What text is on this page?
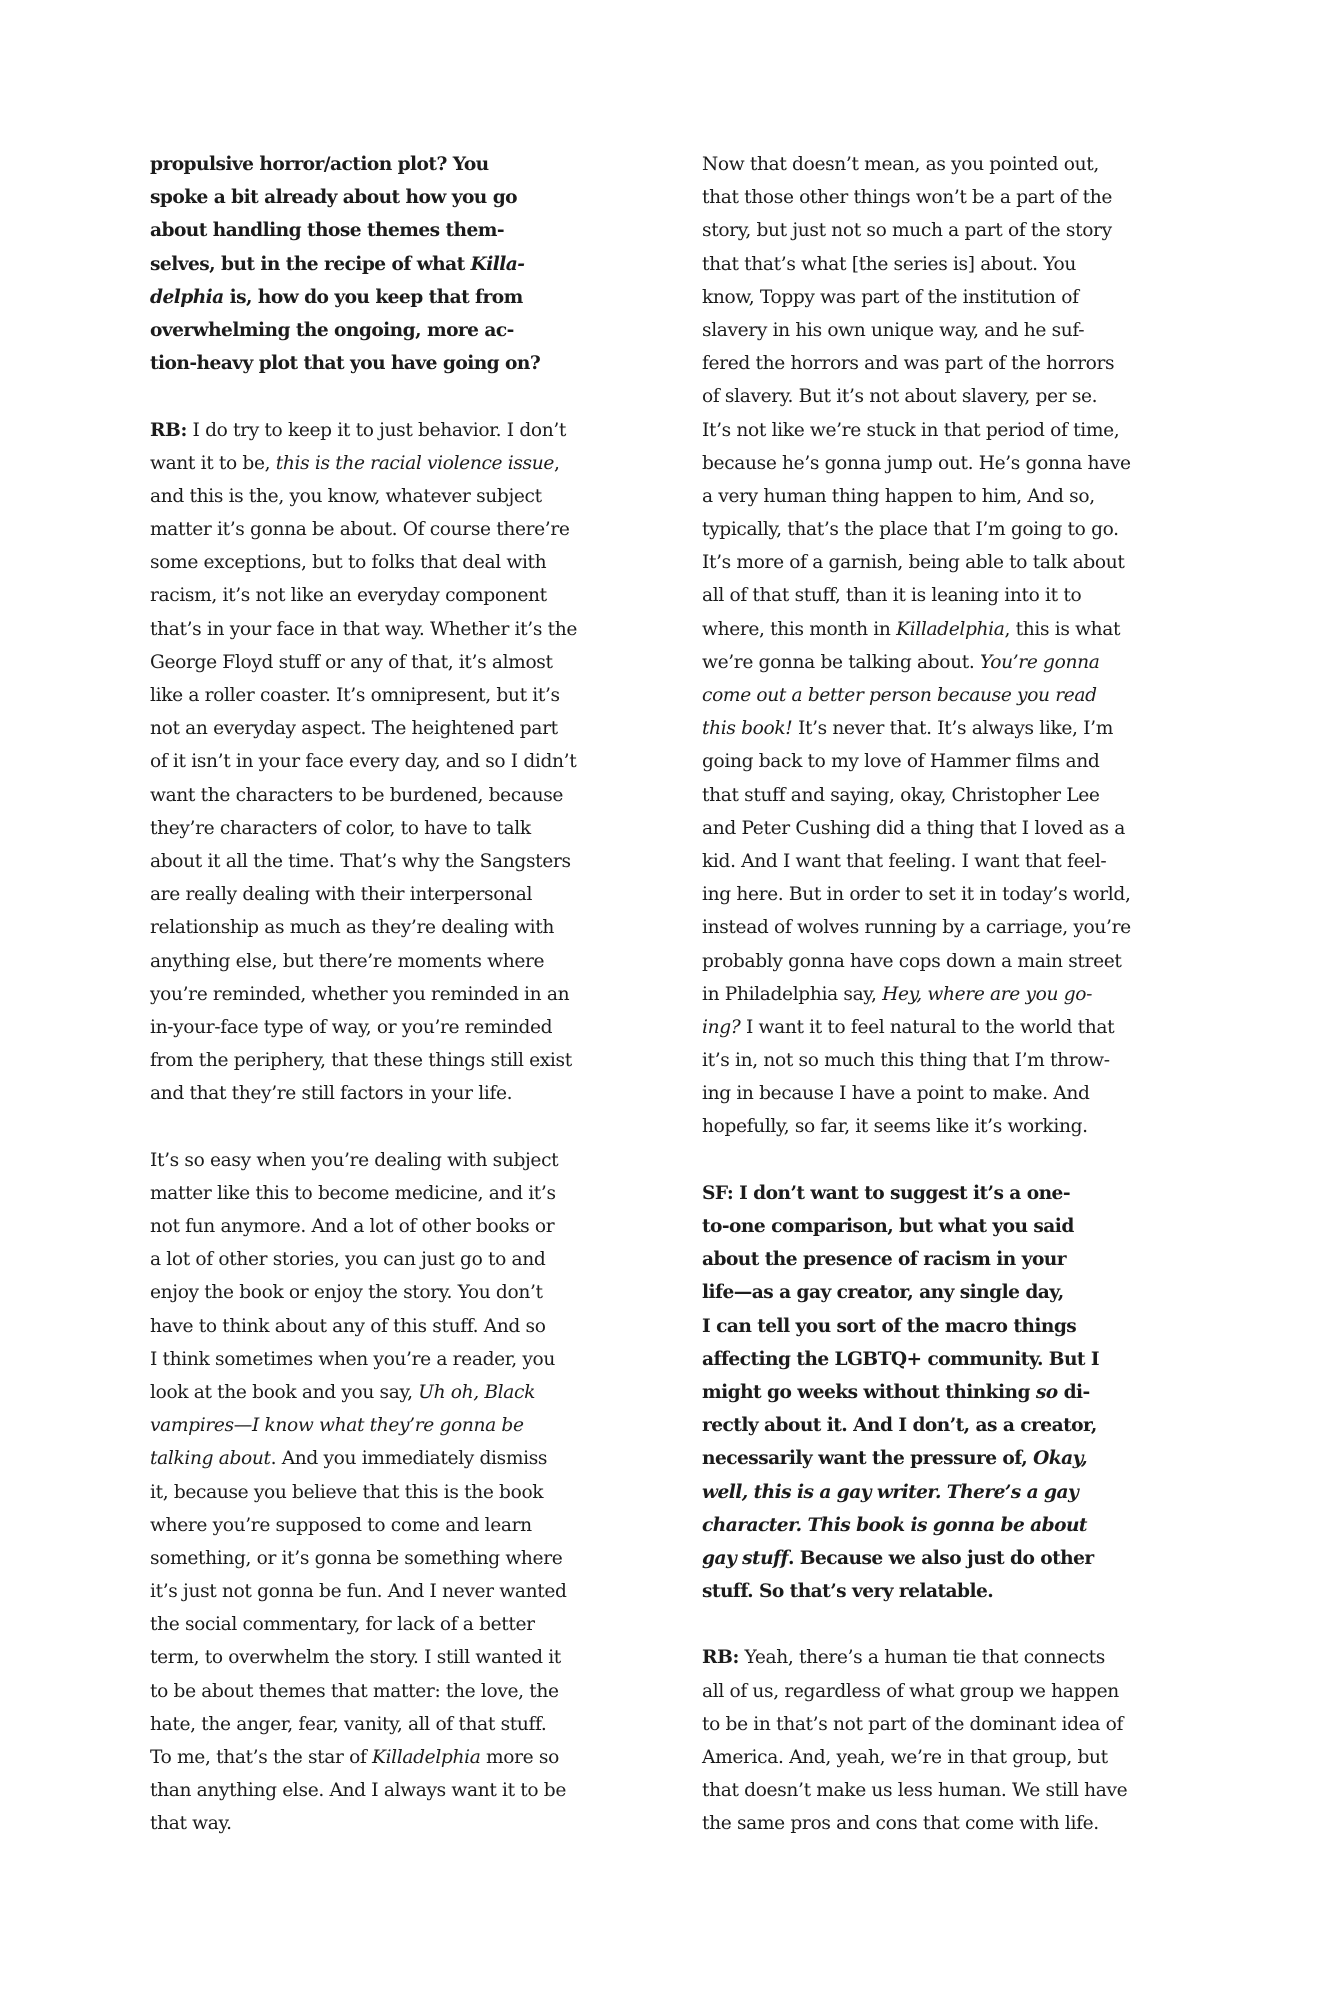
propulsive horror/action plot? You
spoke a bit already about how you go
about handling those themes them-
selves, but in the recipe of what Killa-
delphia is, how do you keep that from
overwhelming the ongoing, more ac-
tion-heavy plot that you have going on?
RB: I do try to keep it to just behavior. I don’t
want it to be, this is the racial violence issue,
and this is the, you know, whatever subject
matter it’s gonna be about. Of course there’re
some exceptions, but to folks that deal with
racism, it’s not like an everyday component
that’s in your face in that way. Whether it’s the
George Floyd stuff or any of that, it’s almost
like a roller coaster. It’s omnipresent, but it’s
not an everyday aspect. The heightened part
of it isn’t in your face every day, and so I didn’t
want the characters to be burdened, because
they’re characters of color, to have to talk
about it all the time. That’s why the Sangsters
are really dealing with their interpersonal
relationship as much as they’re dealing with
anything else, but there’re moments where
you’re reminded, whether you reminded in an
in-your-face type of way, or you’re reminded
from the periphery, that these things still exist
and that they’re still factors in your life.
It’s so easy when you’re dealing with subject
matter like this to become medicine, and it’s
not fun anymore. And a lot of other books or
a lot of other stories, you can just go to and
enjoy the book or enjoy the story. You don’t
have to think about any of this stuff. And so
I think sometimes when you’re a reader, you
look at the book and you say, Uh oh, Black
vampires—I know what they’re gonna be
talking about. And you immediately dismiss
it, because you believe that this is the book
where you’re supposed to come and learn
something, or it’s gonna be something where
it’s just not gonna be fun. And I never wanted
the social commentary, for lack of a better
term, to overwhelm the story. I still wanted it
to be about themes that matter: the love, the
hate, the anger, fear, vanity, all of that stuff.
To me, that’s the star of Killadelphia more so
than anything else. And I always want it to be
that way.
Now that doesn’t mean, as you pointed out,
that those other things won’t be a part of the
story, but just not so much a part of the story
that that’s what [the series is] about. You
know, Toppy was part of the institution of
slavery in his own unique way, and he suf-
fered the horrors and was part of the horrors
of slavery. But it’s not about slavery, per se.
It’s not like we’re stuck in that period of time,
because he’s gonna jump out. He’s gonna have
a very human thing happen to him, And so,
typically, that’s the place that I’m going to go.
It’s more of a garnish, being able to talk about
all of that stuff, than it is leaning into it to
where, this month in Killadelphia, this is what
we’re gonna be talking about. You’re gonna
come out a better person because you read
this book! It’s never that. It’s always like, I’m
going back to my love of Hammer films and
that stuff and saying, okay, Christopher Lee
and Peter Cushing did a thing that I loved as a
kid. And I want that feeling. I want that feel-
ing here. But in order to set it in today’s world,
instead of wolves running by a carriage, you’re
probably gonna have cops down a main street
in Philadelphia say, Hey, where are you go-
ing? I want it to feel natural to the world that
it’s in, not so much this thing that I’m throw-
ing in because I have a point to make. And
hopefully, so far, it seems like it’s working.
SF: I don’t want to suggest it’s a one-
to-one comparison, but what you said
about the presence of racism in your
life—as a gay creator, any single day,
I can tell you sort of the macro things
affecting the LGBTQ+ community. But I
might go weeks without thinking so di-
rectly about it. And I don’t, as a creator,
necessarily want the pressure of, Okay,
well, this is a gay writer. There’s a gay
character. This book is gonna be about
gay stuff. Because we also just do other
stuff. So that’s very relatable.
RB: Yeah, there’s a human tie that connects
all of us, regardless of what group we happen
to be in that’s not part of the dominant idea of
America. And, yeah, we’re in that group, but
that doesn’t make us less human. We still have
the same pros and cons that come with life.
